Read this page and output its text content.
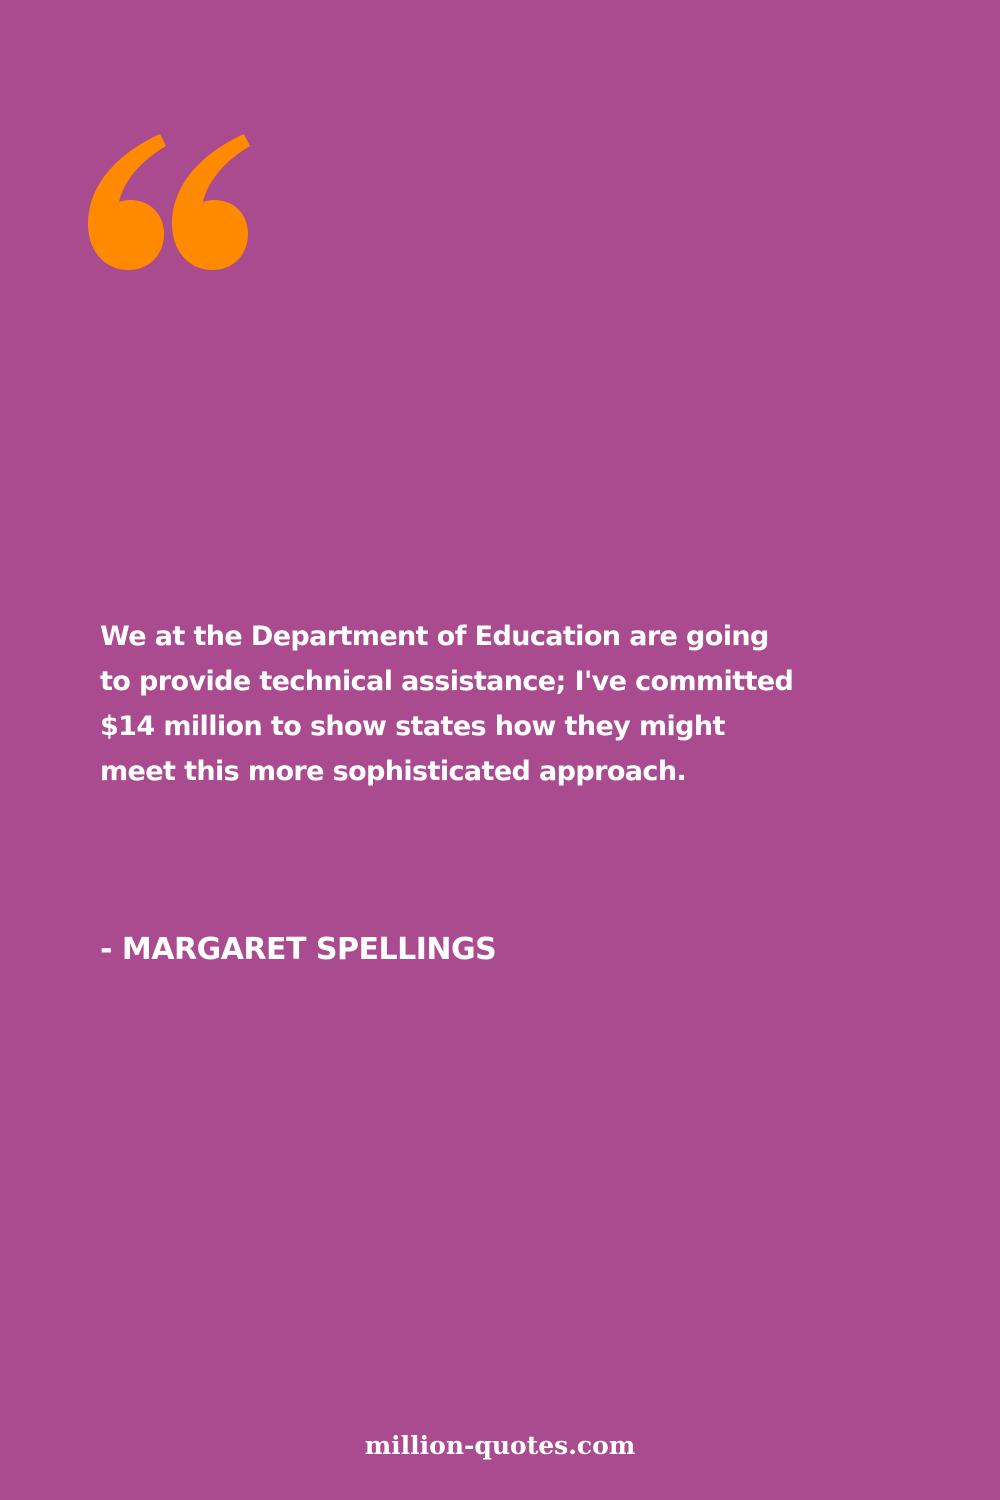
We at the Department of Education are going to provide technical assistance; I've committed $14 million to show states how they might meet this more sophisticated approach.

- MARGARET SPELLINGS

million-quotes.com
